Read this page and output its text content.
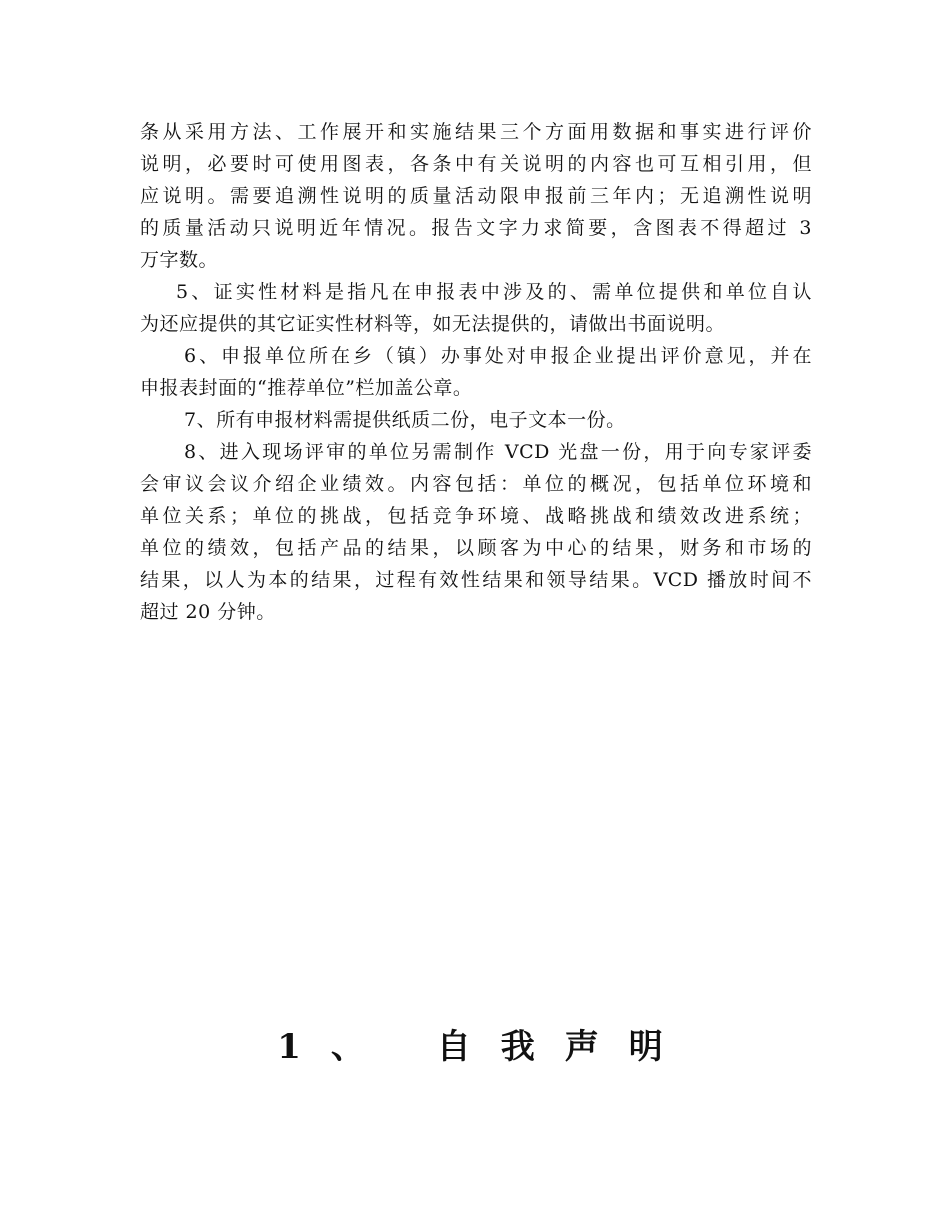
条从采用方法、工作展开和实施结果三个方面用数据和事实进行评价
说明，必要时可使用图表，各条中有关说明的内容也可互相引用，但
应说明。需要追溯性说明的质量活动限申报前三年内；无追溯性说明
的质量活动只说明近年情况。报告文字力求简要，含图表不得超过 3
万字数。
5、证实性材料是指凡在申报表中涉及的、需单位提供和单位自认
为还应提供的其它证实性材料等，如无法提供的，请做出书面说明。
6、申报单位所在乡（镇）办事处对申报企业提出评价意见，并在
申报表封面的“推荐单位”栏加盖公章。
7、所有申报材料需提供纸质二份，电子文本一份。
8、进入现场评审的单位另需制作 VCD 光盘一份，用于向专家评委
会审议会议介绍企业绩效。内容包括：单位的概况，包括单位环境和
单位关系；单位的挑战，包括竞争环境、战略挑战和绩效改进系统；
单位的绩效，包括产品的结果，以顾客为中心的结果，财务和市场的
结果，以人为本的结果，过程有效性结果和领导结果。VCD 播放时间不
超过 20 分钟。
1、 自我声明
